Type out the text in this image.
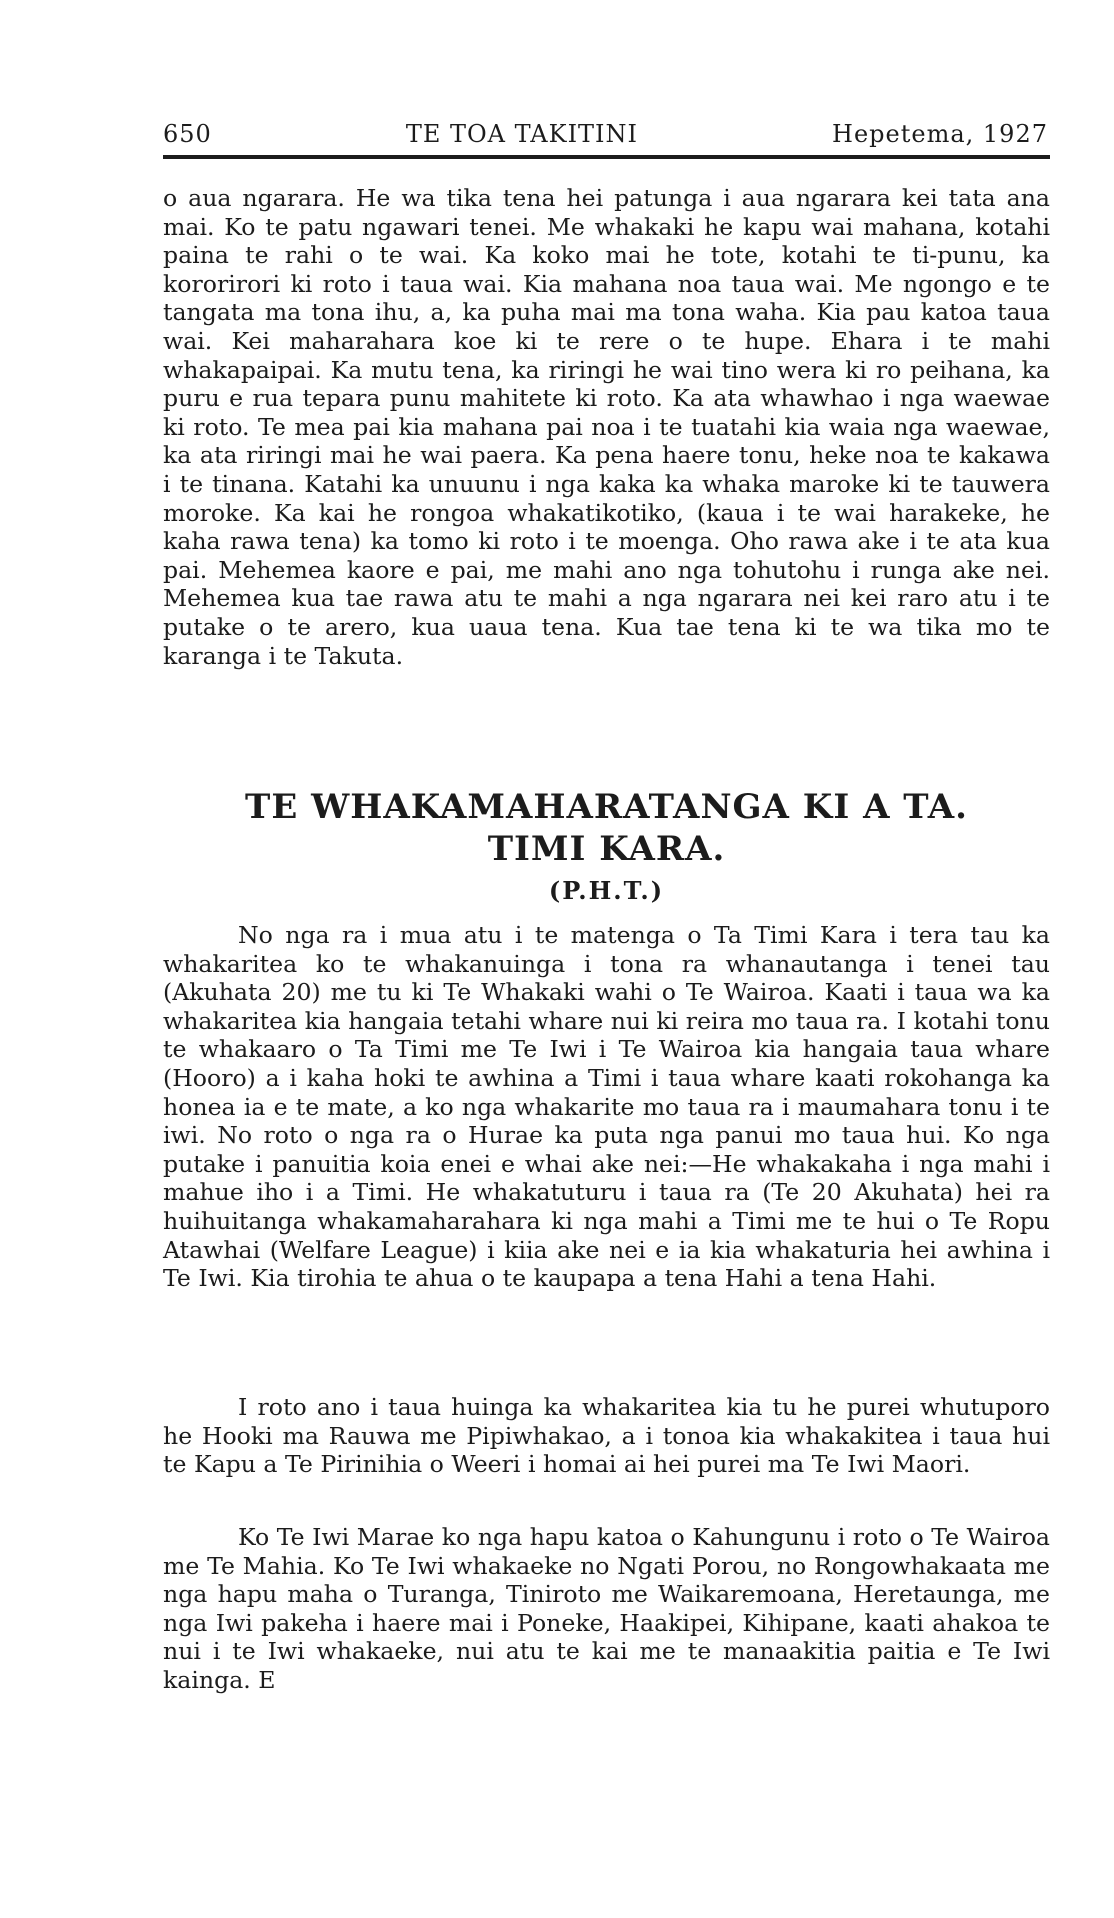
650	TE TOA TAKITINI	Hepetema, 1927

o aua ngarara. He wa tika tena hei patunga i aua ngarara kei tata ana mai. Ko te patu ngawari tenei. Me whakaki he kapu wai mahana, kotahi paina te rahi o te wai. Ka koko mai he tote, kotahi te ti-punu, ka kororirori ki roto i taua wai. Kia mahana noa taua wai. Me ngongo e te tangata ma tona ihu, a, ka puha mai ma tona waha. Kia pau katoa taua wai. Kei maharahara koe ki te rere o te hupe. Ehara i te mahi whakapaipai. Ka mutu tena, ka riringi he wai tino wera ki ro peihana, ka puru e rua tepara punu mahitete ki roto. Ka ata whawhao i nga waewae ki roto. Te mea pai kia mahana pai noa i te tuatahi kia waia nga waewae, ka ata riringi mai he wai paera. Ka pena haere tonu, heke noa te kakawa i te tinana. Katahi ka unuunu i nga kaka ka whaka maroke ki te tauwera moroke. Ka kai he rongoa whakatikotiko, (kaua i te wai harakeke, he kaha rawa tena) ka tomo ki roto i te moenga. Oho rawa ake i te ata kua pai. Mehemea kaore e pai, me mahi ano nga tohutohu i runga ake nei. Mehemea kua tae rawa atu te mahi a nga ngarara nei kei raro atu i te putake o te arero, kua uaua tena. Kua tae tena ki te wa tika mo te karanga i te Takuta.

TE WHAKAMAHARATANGA KI A TA.
TIMI KARA.
(P.H.T.)

No nga ra i mua atu i te matenga o Ta Timi Kara i tera tau ka whakaritea ko te whakanuinga i tona ra whanautanga i tenei tau (Akuhata 20) me tu ki Te Whakaki wahi o Te Wairoa. Kaati i taua wa ka whakaritea kia hangaia tetahi whare nui ki reira mo taua ra. I kotahi tonu te whakaaro o Ta Timi me Te Iwi i Te Wairoa kia hangaia taua whare (Hooro) a i kaha hoki te awhina a Timi i taua whare kaati rokohanga ka honea ia e te mate, a ko nga whakarite mo taua ra i maumahara tonu i te iwi. No roto o nga ra o Hurae ka puta nga panui mo taua hui. Ko nga putake i panuitia koia enei e whai ake nei:—He whakakaha i nga mahi i mahue iho i a Timi. He whakatuturu i taua ra (Te 20 Akuhata) hei ra huihuitanga whakamaharahara ki nga mahi a Timi me te hui o Te Ropu Atawhai (Welfare League) i kiia ake nei e ia kia whakaturia hei awhina i Te Iwi. Kia tirohia te ahua o te kaupapa a tena Hahi a tena Hahi.

I roto ano i taua huinga ka whakaritea kia tu he purei whutuporo he Hooki ma Rauwa me Pipiwhakao, a i tonoa kia whakakitea i taua hui te Kapu a Te Pirinihia o Weeri i homai ai hei purei ma Te Iwi Maori.

Ko Te Iwi Marae ko nga hapu katoa o Kahungunu i roto o Te Wairoa me Te Mahia. Ko Te Iwi whakaeke no Ngati Porou, no Rongowhakaata me nga hapu maha o Turanga, Tiniroto me Waikaremoana, Heretaunga, me nga Iwi pakeha i haere mai i Poneke, Haakipei, Kihipane, kaati ahakoa te nui i te Iwi whakaeke, nui atu te kai me te manaakitia paitia e Te Iwi kainga. E
